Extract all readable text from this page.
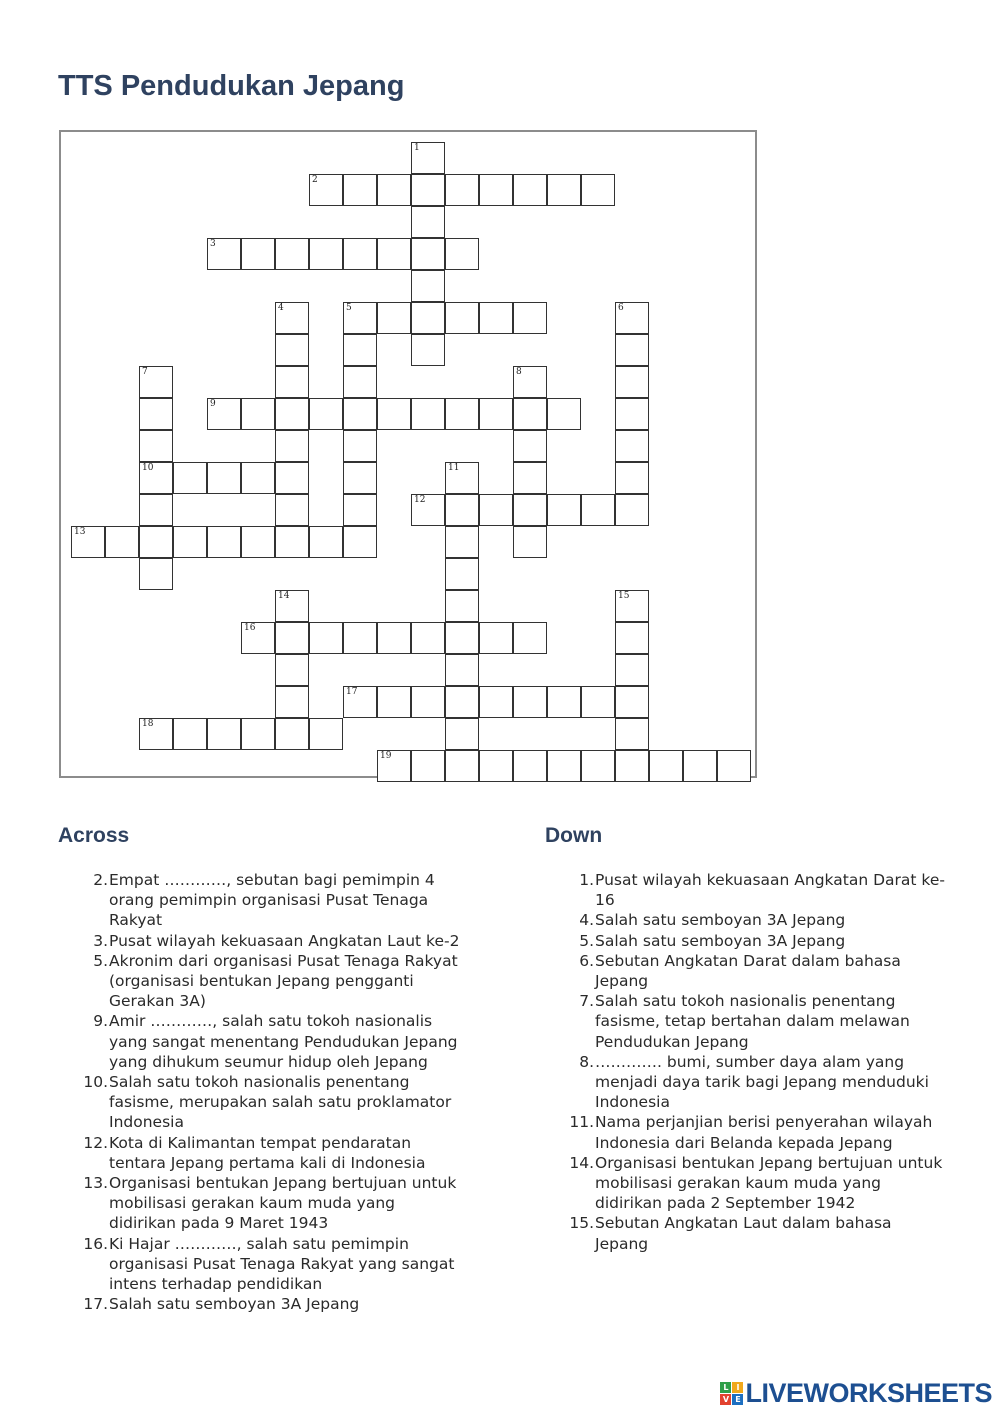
TTS Pendudukan Jepang
2
3
5
9
10
12
13
16
17
18
19
1
4	6
7	8
11
14	15
Across	Down
2. Empat …………, sebutan bagi pemimpin 4 orang pemimpin organisasi Pusat Tenaga Rakyat
3. Pusat wilayah kekuasaan Angkatan Laut ke-2
5. Akronim dari organisasi Pusat Tenaga Rakyat (organisasi bentukan Jepang pengganti Gerakan 3A)
9. Amir …………, salah satu tokoh nasionalis yang sangat menentang Pendudukan Jepang yang dihukum seumur hidup oleh Jepang
10. Salah satu tokoh nasionalis penentang fasisme, merupakan salah satu proklamator Indonesia
12. Kota di Kalimantan tempat pendaratan tentara Jepang pertama kali di Indonesia
13. Organisasi bentukan Jepang bertujuan untuk mobilisasi gerakan kaum muda yang didirikan pada 9 Maret 1943
16. Ki Hajar …………, salah satu pemimpin organisasi Pusat Tenaga Rakyat yang sangat intens terhadap pendidikan
17. Salah satu semboyan 3A Jepang
1. Pusat wilayah kekuasaan Angkatan Darat ke-16
4. Salah satu semboyan 3A Jepang
5. Salah satu semboyan 3A Jepang
6. Sebutan Angkatan Darat dalam bahasa Jepang
7. Salah satu tokoh nasionalis penentang fasisme, tetap bertahan dalam melawan Pendudukan Jepang
8. …………. bumi, sumber daya alam yang menjadi daya tarik bagi Jepang menduduki Indonesia
11. Nama perjanjian berisi penyerahan wilayah Indonesia dari Belanda kepada Jepang
14. Organisasi bentukan Jepang bertujuan untuk mobilisasi gerakan kaum muda yang didirikan pada 2 September 1942
15. Sebutan Angkatan Laut dalam bahasa Jepang
L I
V E LIVEWORKSHEETS
